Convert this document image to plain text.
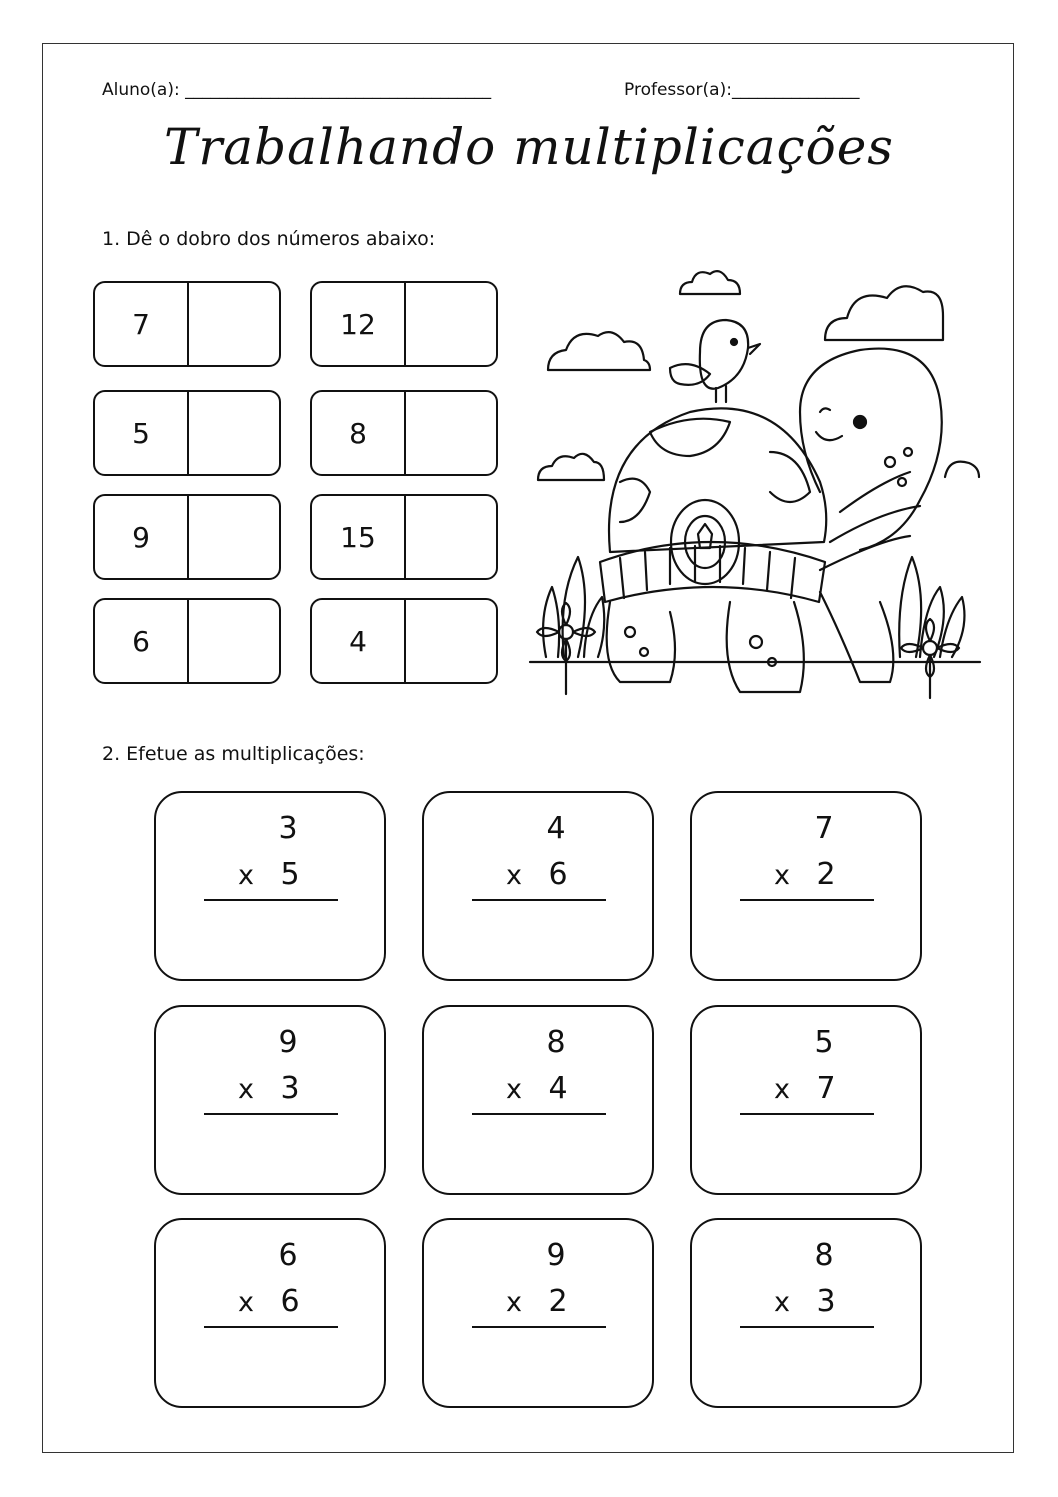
Aluno(a): ____________________________________	Professor(a):_______________
Trabalhando multiplicações
1. Dê o dobro dos números abaixo:
7	12
5	8
9	15
6	4
2. Efetue as multiplicações:
3
x 5
4
x 6
7
x 2
9
x 3
8
x 4
5
x 7
6
x 6
9
x 2
8
x 3
